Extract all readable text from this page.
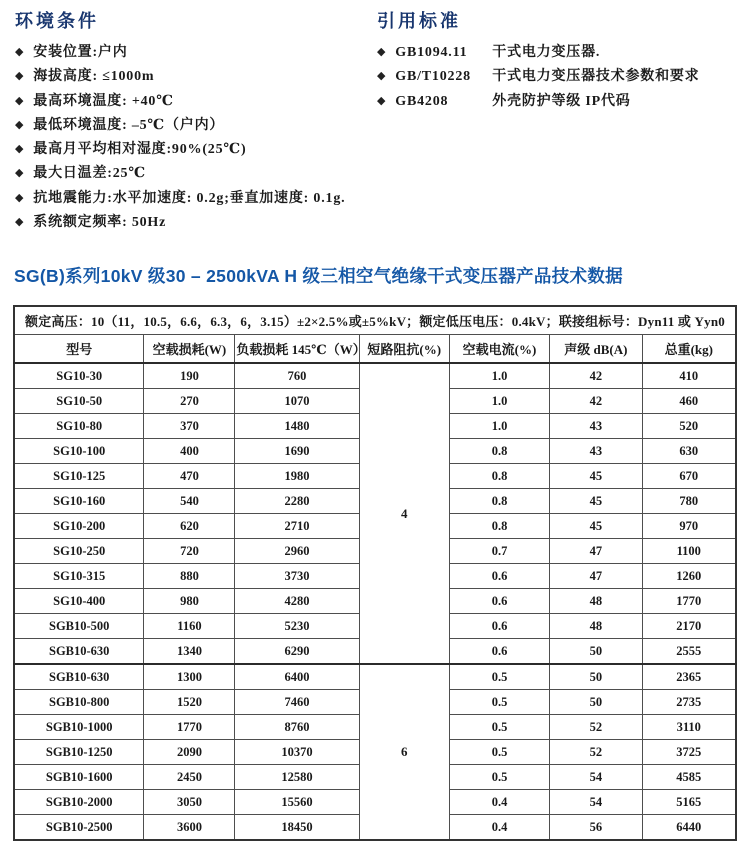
环境条件
◆ 安装位置:户内
◆ 海拔高度: ≤1000m
◆ 最高环境温度: +40℃
◆ 最低环境温度: –5℃（户内）
◆ 最高月平均相对湿度:90%(25℃)
◆ 最大日温差:25℃
◆ 抗地震能力:水平加速度: 0.2g;垂直加速度: 0.1g.
◆ 系统额定频率: 50Hz
引用标准
◆ GB1094.11	干式电力变压器.
◆ GB/T10228	干式电力变压器技术参数和要求
◆ GB4208	外壳防护等级 IP代码
SG(B)系列10kV 级30 – 2500kVA H 级三相空气绝缘干式变压器产品技术数据
额定高压：10（11，10.5，6.6，6.3，6，3.15）±2×2.5%或±5%kV；额定低压电压：0.4kV；联接组标号：Dyn11 或 Yyn0						
型号	空载损耗(W)	负载损耗 145℃（W）	短路阻抗(%)	空载电流(%)	声级 dB(A)	总重(kg)
SG10-30	190	760	4	1.0	42	410
SG10-50	270	1070		1.0	42	460
SG10-80	370	1480		1.0	43	520
SG10-100	400	1690		0.8	43	630
SG10-125	470	1980		0.8	45	670
SG10-160	540	2280		0.8	45	780
SG10-200	620	2710		0.8	45	970
SG10-250	720	2960		0.7	47	1100
SG10-315	880	3730		0.6	47	1260
SG10-400	980	4280		0.6	48	1770
SGB10-500	1160	5230		0.6	48	2170
SGB10-630	1340	6290		0.6	50	2555
SGB10-630	1300	6400	6	0.5	50	2365
SGB10-800	1520	7460		0.5	50	2735
SGB10-1000	1770	8760		0.5	52	3110
SGB10-1250	2090	10370		0.5	52	3725
SGB10-1600	2450	12580		0.5	54	4585
SGB10-2000	3050	15560		0.4	54	5165
SGB10-2500	3600	18450		0.4	56	6440
